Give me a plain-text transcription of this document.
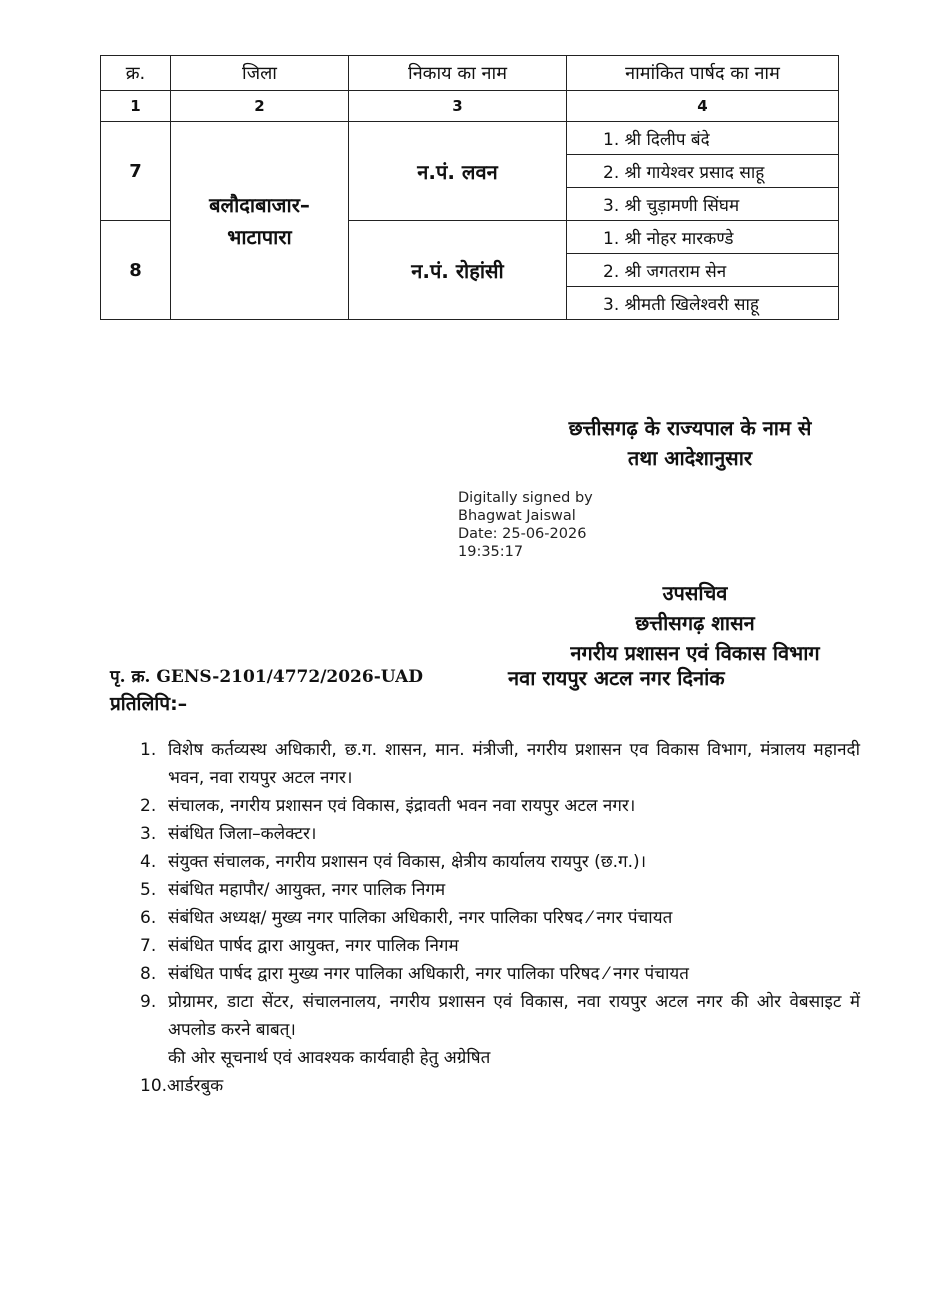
क्र.	जिला	निकाय का नाम	नामांकित पार्षद का नाम
1	2	3	4
7	बलौदाबाजार–भाटापारा	न.पं. लवन	1. श्री दिलीप बंदे
			2. श्री गायेश्वर प्रसाद साहू
			3. श्री चुड़ामणी सिंघम
8		न.पं. रोहांसी	1. श्री नोहर मारकण्डे
			2. श्री जगतराम सेन
			3. श्रीमती खिलेश्वरी साहू
छत्तीसगढ़ के राज्यपाल के नाम से
तथा आदेशानुसार
Digitally signed by
Bhagwat Jaiswal
Date: 25-06-2026
19:35:17
उपसचिव
छत्तीसगढ़ शासन
नगरीय प्रशासन एवं विकास विभाग
पृ. क्र. GENS-2101/4772/2026-UAD	नवा रायपुर अटल नगर दिनांक
प्रतिलिपि:–
1. विशेष कर्तव्यस्थ अधिकारी, छ.ग. शासन, मान. मंत्रीजी, नगरीय प्रशासन एव विकास विभाग, मंत्रालय महानदी भवन, नवा रायपुर अटल नगर।
2. संचालक, नगरीय प्रशासन एवं विकास, इंद्रावती भवन नवा रायपुर अटल नगर।
3. संबंधित जिला–कलेक्टर।
4. संयुक्त संचालक, नगरीय प्रशासन एवं विकास, क्षेत्रीय कार्यालय रायपुर (छ.ग.)।
5. संबंधित महापौर/ आयुक्त, नगर पालिक निगम
6. संबंधित अध्यक्ष/ मुख्य नगर पालिका अधिकारी, नगर पालिका परिषद ⁄ नगर पंचायत
7. संबंधित पार्षद द्वारा आयुक्त, नगर पालिक निगम
8. संबंधित पार्षद द्वारा मुख्य नगर पालिका अधिकारी, नगर पालिका परिषद ⁄ नगर पंचायत
9. प्रोग्रामर, डाटा सेंटर, संचालनालय, नगरीय प्रशासन एवं विकास, नवा रायपुर अटल नगर की ओर वेबसाइट में अपलोड करने बाबत्।
की ओर सूचनार्थ एवं आवश्यक कार्यवाही हेतु अग्रेषित
10.आर्डरबुक
